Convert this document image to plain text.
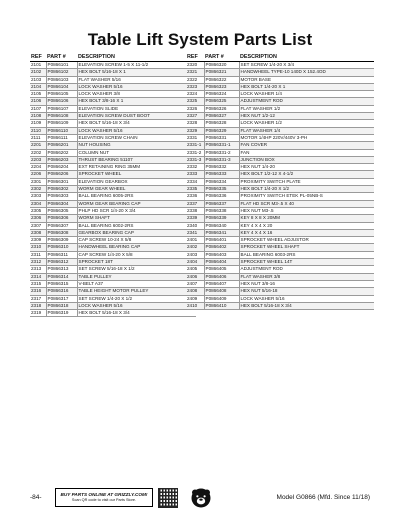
Table Lift System Parts List
REF	PART #	DESCRIPTION
2101	P0866101	ELEVATION SCREW 1-5 X 11-1/2
2102	P0866102	HEX BOLT 5/16-18 X 1
2103	P0866103	FLAT WASHER 5/16
2104	P0866104	LOCK WASHER 5/16
2105	P0866105	LOCK WASHER 3/8
2106	P0866106	HEX BOLT 3/8-16 X 1
2107	P0866107	ELEVATION SLIDE
2108	P0866108	ELEVATION SCREW DUST BOOT
2109	P0866109	HEX BOLT 5/16-18 X 3/4
2110	P0866110	LOCK WASHER 5/16
2111	P0866111	ELEVATION SCREW CHAIN
2201	P0866201	NUT HOUSING
2202	P0866202	COLUMN NUT
2203	P0866203	THRUST BEARING 51107
2204	P0866204	EXT RETAINING RING 35MM
2206	P0866206	SPROCKET WHEEL
2301	P0866301	ELEVATION GEARBOX
2302	P0866302	WORM GEAR WHEEL
2303	P0866303	BALL BEARING 6005-2RS
2304	P0866304	WORM GEAR BEARING CAP
2305	P0866305	PHLP HD SCR 1/4-20 X 3/4
2306	P0866306	WORM SHAFT
2307	P0866307	BALL BEARING 6002-2RS
2308	P0866308	GEARBOX BEARING CAP
2309	P0866309	CAP SCREW 10-24 X 5/8
2310	P0866310	HANDWHEEL BEARING CAP
2311	P0866311	CAP SCREW 1/4-20 X 5/8
2312	P0866312	SPROCKET 18T
2313	P0866313	SET SCREW 5/16-18 X 1/2
2314	P0866314	TABLE PULLEY
2315	P0866315	V-BELT A37
2316	P0866316	TABLE HEIGHT MOTOR PULLEY
2317	P0866317	SET SCREW 1/4-20 X 1/2
2318	P0866318	LOCK WASHER 5/16
2319	P0866319	HEX BOLT 5/16-18 X 3/4
REF	PART #	DESCRIPTION
2320	P0866320	SET SCREW 1/4-20 X 3/4
2321	P0866321	HANDWHEEL TYPE-10 140D X 152.4OD
2322	P0866322	MOTOR BASE
2323	P0866323	HEX BOLT 1/4-20 X 1
2324	P0866324	LOCK WASHER 1/4
2325	P0866325	ADJUSTMENT ROD
2326	P0866326	FLAT WASHER 1/2
2327	P0866327	HEX NUT 1/2-12
2328	P0866328	LOCK WASHER 1/2
2329	P0866329	FLAT WASHER 1/4
2331	P0866331	MOTOR 1/4HP 220V/440V 3-PH
2331-1	P0866331-1	FAN COVER
2331-2	P0866331-2	FAN
2331-3	P0866331-3	JUNCTION BOX
2332	P0866332	HEX NUT 1/4-20
2333	P0866333	HEX BOLT 1/2-12 X 4-1/2
2334	P0866334	PROXIMITY SWITCH PLATE
2335	P0866335	HEX BOLT 1/4-20 X 1/2
2336	P0866336	PROXIMITY SWITCH ETEK PL-05NB-S
2337	P0866337	FLAT HD SCR M3-.5 X 40
2338	P0866338	HEX NUT M3-.5
2339	P0866339	KEY 8 X 8 X 20MM
2340	P0866340	KEY 4 X 4 X 20
2341	P0866341	KEY 4 X 4 X 16
2401	P0866401	SPROCKET WHEEL ADJUSTOR
2402	P0866402	SPROCKET WHEEL SHAFT
2403	P0866403	BALL BEARING 6003-2RS
2404	P0866404	SPROCKET WHEEL 14T
2405	P0866405	ADJUSTMENT ROD
2406	P0866406	FLAT WASHER 3/8
2407	P0866407	HEX NUT 3/8-16
2408	P0866408	HEX NUT 5/16-18
2409	P0866409	LOCK WASHER 5/16
2410	P0866410	HEX BOLT 5/16-18 X 3/4
-84-	BUY PARTS ONLINE AT GRIZZLY.COM!
Scan QR code to visit our Parts Store.	Model G0866 (Mfd. Since 11/18)
